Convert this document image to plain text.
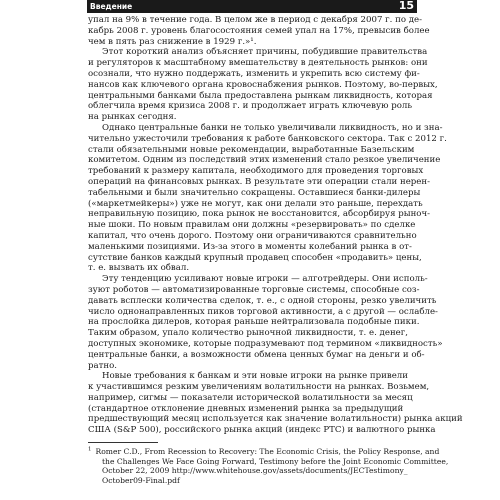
Введение	15

упал на 9% в течение года. В целом же в период с декабря 2007 г. по де-
кабрь 2008 г. уровень благосостояния семей упал на 17%, превысив более
чем в пять раз снижение в 1929 г.»¹.

Этот короткий анализ объясняет причины, побудившие правительства
и регуляторов к масштабному вмешательству в деятельность рынков: они
осознали, что нужно поддержать, изменить и укрепить всю систему фи-
нансов как ключевого органа кровоснабжения рынков. Поэтому, во-первых,
центральными банками была предоставлена рынкам ликвидность, которая
облегчила время кризиса 2008 г. и продолжает играть ключевую роль
на рынках сегодня.

Однако центральные банки не только увеличивали ликвидность, но и зна-
чительно ужесточили требования к работе банковского сектора. Так с 2012 г.
стали обязательными новые рекомендации, выработанные Базельским
комитетом. Одним из последствий этих изменений стало резкое увеличение
требований к размеру капитала, необходимого для проведения торговых
операций на финансовых рынках. В результате эти операции стали нерен-
табельными и были значительно сокращены. Оставшиеся банки-дилеры
(«маркетмейкеры») уже не могут, как они делали это раньше, перехдать
неправильную позицию, пока рынок не восстановится, абсорбируя рыноч-
ные шоки. По новым правилам они должны «резервировать» по сделке
капитал, что очень дорого. Поэтому они ограничиваются сравнительно
маленькими позициями. Из-за этого в моменты колебаний рынка в от-
сутствие банков каждый крупный продавец способен «продавить» цены,
т. е. вызвать их обвал.

Эту тенденцию усиливают новые игроки — алготрейдеры. Они исполь-
зуют роботов — автоматизированные торговые системы, способные соз-
давать всплески количества сделок, т. е., с одной стороны, резко увеличить
число однонаправленных пиков торговой активности, а с другой — ослабле-
на прослойка дилеров, которая раньше нейтрализовала подобные пики.
Таким образом, упало количество рыночной ликвидности, т. е. денег,
доступных экономике, которые подразумевают под термином «ликвидность»
центральные банки, а возможности обмена ценных бумаг на деньги и об-
ратно.

Новые требования к банкам и эти новые игроки на рынке привели
к участившимся резким увеличениям волатильности на рынках. Возьмем,
например, сигмы — показатели исторической волатильности за месяц
(стандартное отклонение дневных изменений рынка за предыдущий
предшествующий месяц используется как значение волатильности) рынка акций
США (S&P 500), российского рынка акций (индекс РТС) и валютного рынка

$^1$ Romer C.D., From Recession to Recovery: The Economic Crisis, the Policy Response, and
the Challenges We Face Going Forward, Testimony before the Joint Economic Committee,
October 22, 2009 http://www.whitehouse.gov/assets/documents/JECTestimony_
October09-Final.pdf
